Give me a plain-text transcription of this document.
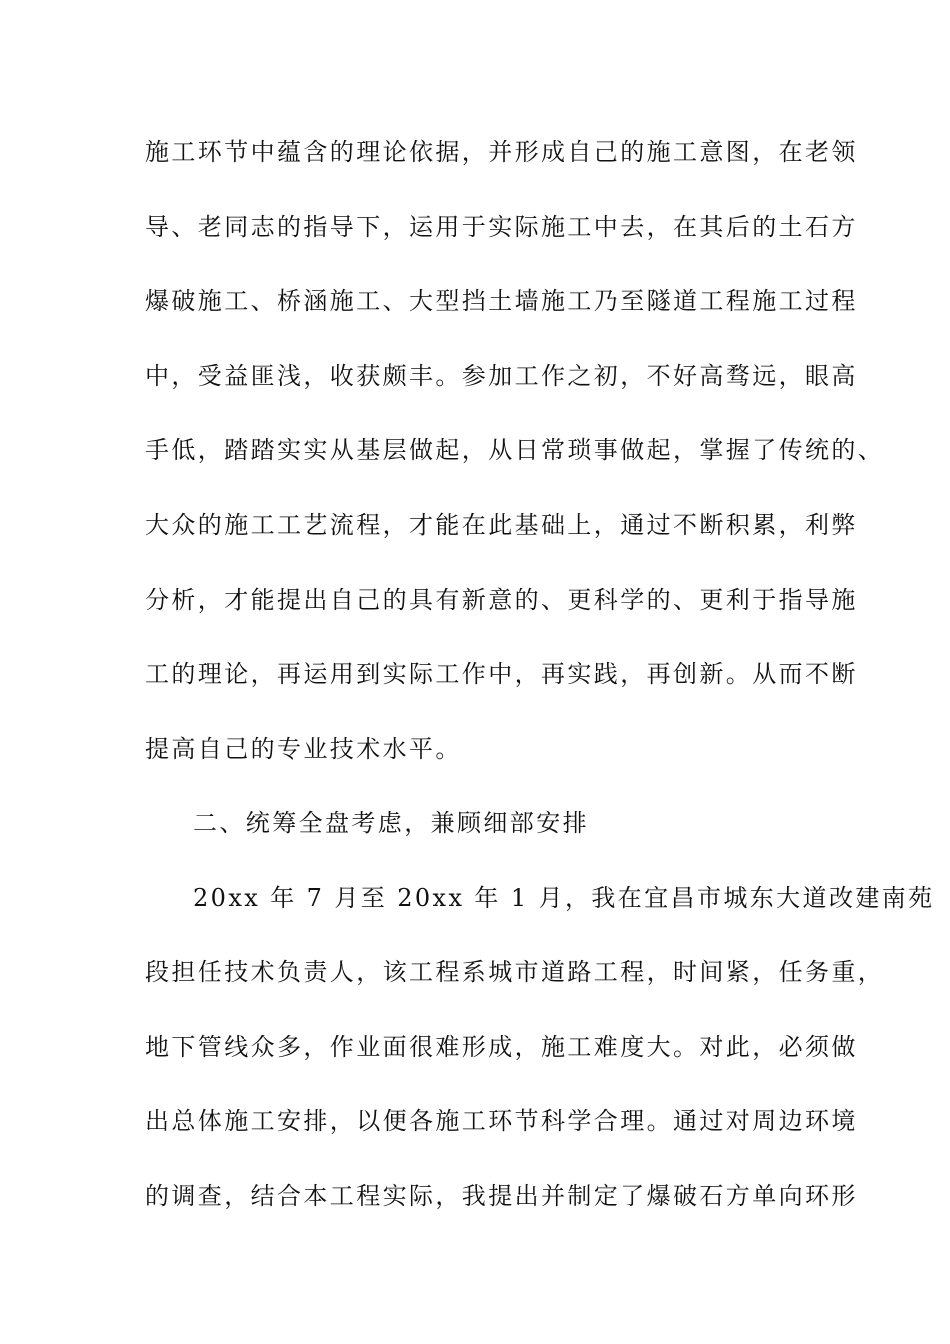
施工环节中蕴含的理论依据，并形成自己的施工意图，在老领
导、老同志的指导下，运用于实际施工中去，在其后的土石方
爆破施工、桥涵施工、大型挡土墙施工乃至隧道工程施工过程
中，受益匪浅，收获颇丰。参加工作之初，不好高骛远，眼高
手低，踏踏实实从基层做起，从日常琐事做起，掌握了传统的、
大众的施工工艺流程，才能在此基础上，通过不断积累，利弊
分析，才能提出自己的具有新意的、更科学的、更利于指导施
工的理论，再运用到实际工作中，再实践，再创新。从而不断
提高自己的专业技术水平。
二、统筹全盘考虑，兼顾细部安排
20xx 年 7 月至 20xx 年 1 月，我在宜昌市城东大道改建南苑
段担任技术负责人，该工程系城市道路工程，时间紧，任务重，
地下管线众多，作业面很难形成，施工难度大。对此，必须做
出总体施工安排，以便各施工环节科学合理。通过对周边环境
的调查，结合本工程实际，我提出并制定了爆破石方单向环形
